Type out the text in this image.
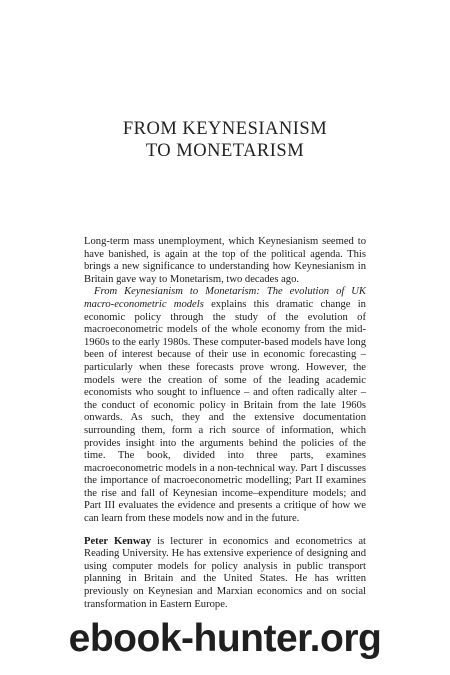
FROM KEYNESIANISM
TO MONETARISM

Long-term mass unemployment, which Keynesianism seemed to have banished, is again at the top of the political agenda. This brings a new significance to understanding how Keynesianism in Britain gave way to Monetarism, two decades ago.

From Keynesianism to Monetarism: The evolution of UK macro-econometric models explains this dramatic change in economic policy through the study of the evolution of macroeconometric models of the whole economy from the mid-1960s to the early 1980s. These computer-based models have long been of interest because of their use in economic forecasting – particularly when these forecasts prove wrong. However, the models were the creation of some of the leading academic economists who sought to influence – and often radically alter – the conduct of economic policy in Britain from the late 1960s onwards. As such, they and the extensive documentation surrounding them, form a rich source of information, which provides insight into the arguments behind the policies of the time. The book, divided into three parts, examines macroeconometric models in a non-technical way. Part I discusses the importance of macroeconometric modelling; Part II examines the rise and fall of Keynesian income–expenditure models; and Part III evaluates the evidence and presents a critique of how we can learn from these models now and in the future.

Peter Kenway is lecturer in economics and econometrics at Reading University. He has extensive experience of designing and using computer models for policy analysis in public transport planning in Britain and the United States. He has written previously on Keynesian and Marxian economics and on social transformation in Eastern Europe.

ebook-hunter.org
